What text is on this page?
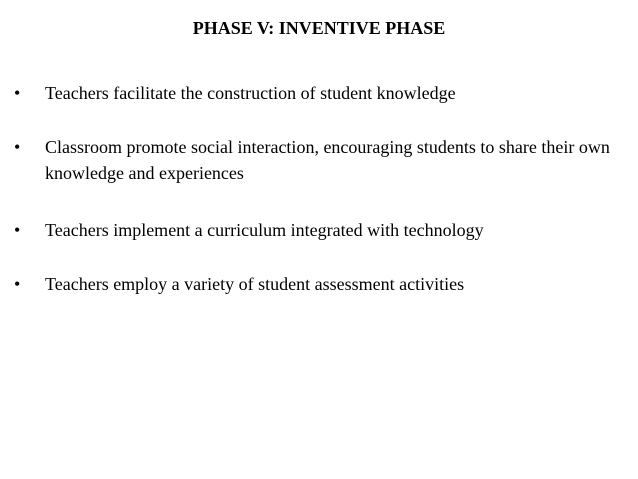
PHASE V: INVENTIVE PHASE
•	Teachers facilitate the construction of student knowledge
•	Classroom promote social interaction, encouraging students to share their own knowledge and experiences
•	Teachers implement a curriculum integrated with technology
•	Teachers employ a variety of student assessment activities
